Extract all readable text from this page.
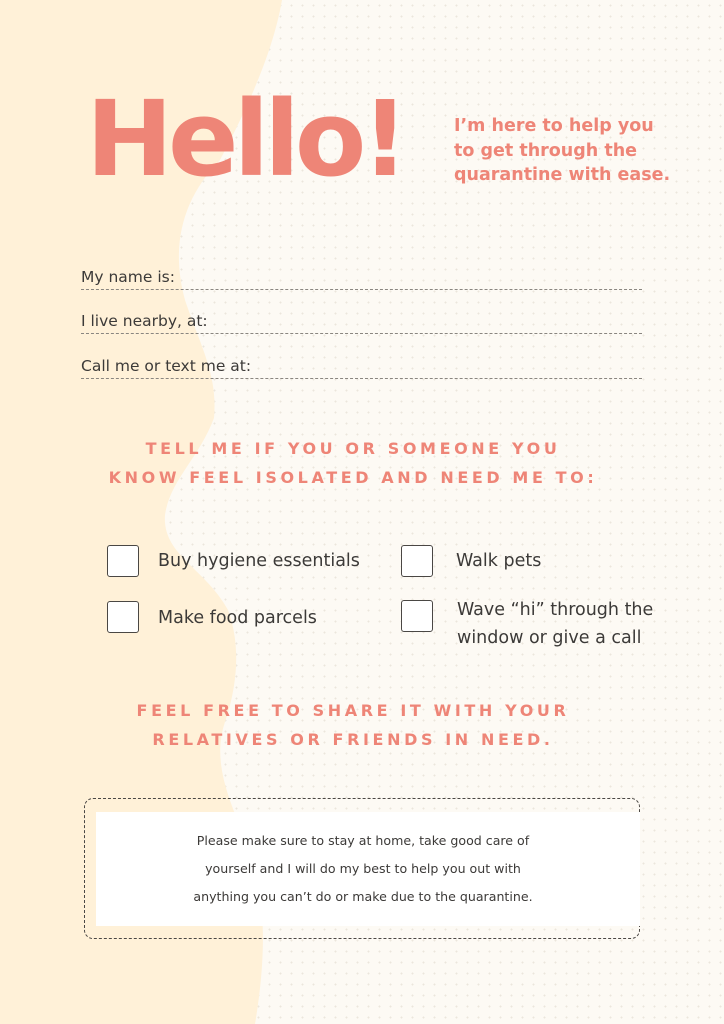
Hello!	I’m here to help you
to get through the
quarantine with ease.
My name is:
I live nearby, at:
Call me or text me at:
TELL ME IF YOU OR SOMEONE YOU
KNOW FEEL ISOLATED AND NEED ME TO:
Buy hygiene essentials	Walk pets
Make food parcels	Wave “hi” through the
window or give a call
FEEL FREE TO SHARE IT WITH YOUR
RELATIVES OR FRIENDS IN NEED.
Please make sure to stay at home, take good care of
yourself and I will do my best to help you out with
anything you can’t do or make due to the quarantine.
